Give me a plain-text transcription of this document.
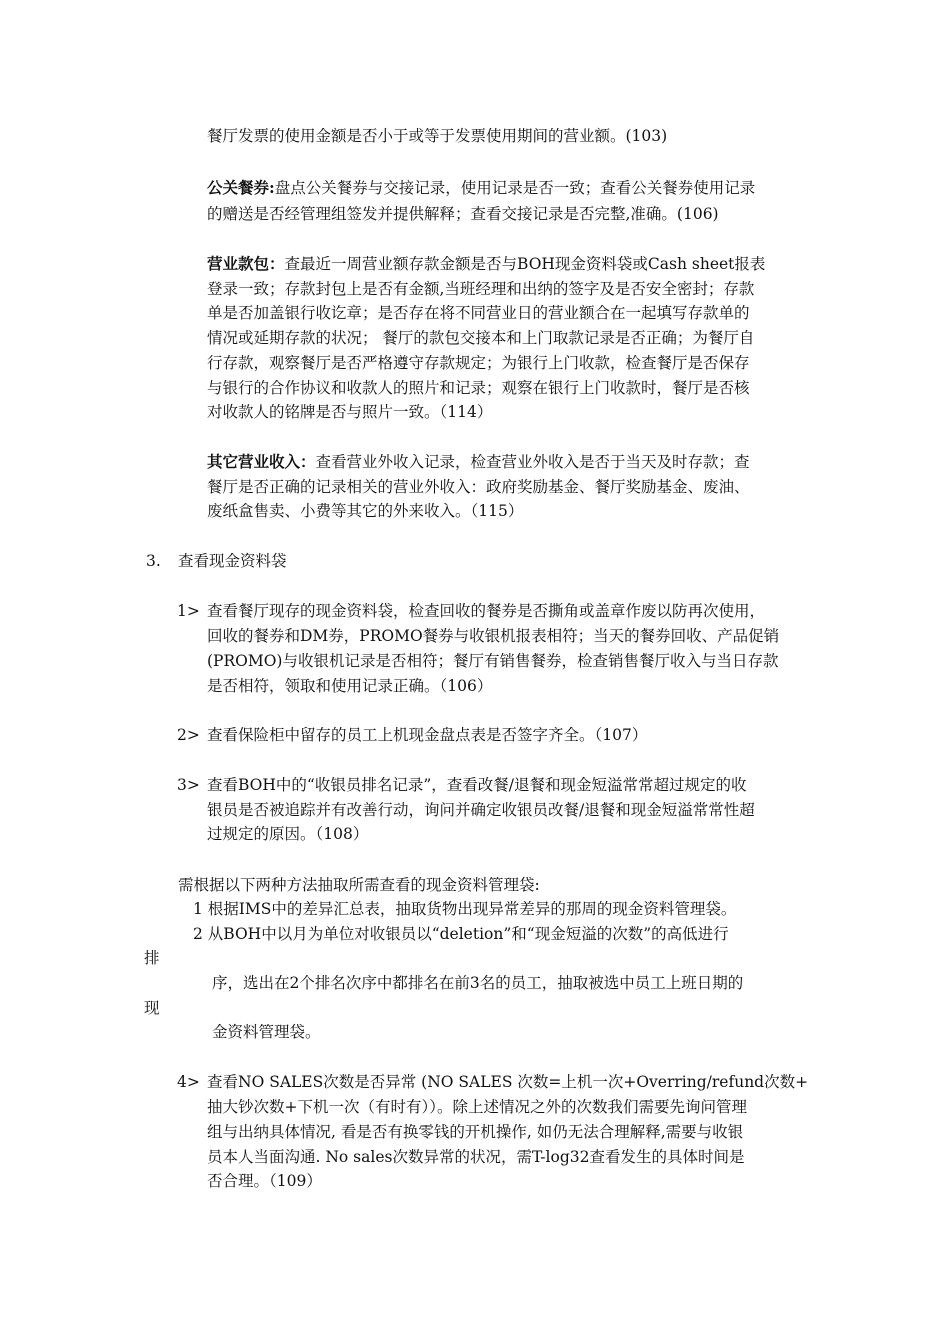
餐厅发票的使用金额是否小于或等于发票使用期间的营业额。(103)
公关餐券:盘点公关餐券与交接记录，使用记录是否一致；查看公关餐券使用记录
的赠送是否经管理组签发并提供解释；查看交接记录是否完整,准确。(106)
营业款包：查最近一周营业额存款金额是否与BOH现金资料袋或Cash sheet报表
登录一致；存款封包上是否有金额,当班经理和出纳的签字及是否安全密封；存款
单是否加盖银行收讫章；是否存在将不同营业日的营业额合在一起填写存款单的
情况或延期存款的状况； 餐厅的款包交接本和上门取款记录是否正确；为餐厅自
行存款，观察餐厅是否严格遵守存款规定；为银行上门收款，检查餐厅是否保存
与银行的合作协议和收款人的照片和记录；观察在银行上门收款时，餐厅是否核
对收款人的铭牌是否与照片一致。（114）
其它营业收入：查看营业外收入记录，检查营业外收入是否于当天及时存款；查
餐厅是否正确的记录相关的营业外收入：政府奖励基金、餐厅奖励基金、废油、
废纸盒售卖、小费等其它的外来收入。（115）
3. 查看现金资料袋
1> 查看餐厅现存的现金资料袋，检查回收的餐券是否撕角或盖章作废以防再次使用，
回收的餐券和DM券，PROMO餐券与收银机报表相符；当天的餐券回收、产品促销
(PROMO)与收银机记录是否相符；餐厅有销售餐券，检查销售餐厅收入与当日存款
是否相符，领取和使用记录正确。（106）
2> 查看保险柜中留存的员工上机现金盘点表是否签字齐全。（107）
3> 查看BOH中的“收银员排名记录”，查看改餐/退餐和现金短溢常常超过规定的收
银员是否被追踪并有改善行动，询问并确定收银员改餐/退餐和现金短溢常常性超
过规定的原因。（108）
需根据以下两种方法抽取所需查看的现金资料管理袋:
1 根据IMS中的差异汇总表，抽取货物出现异常差异的那周的现金资料管理袋。
2 从BOH中以月为单位对收银员以“deletion”和“现金短溢的次数”的高低进行
排
序，选出在2个排名次序中都排名在前3名的员工，抽取被选中员工上班日期的
现
金资料管理袋。
4> 查看NO SALES次数是否异常 (NO SALES 次数=上机一次+Overring/refund次数+
抽大钞次数+下机一次（有时有））。除上述情况之外的次数我们需要先询问管理
组与出纳具体情况, 看是否有换零钱的开机操作, 如仍无法合理解释,需要与收银
员本人当面沟通. No sales次数异常的状况，需T-log32查看发生的具体时间是
否合理。（109）
